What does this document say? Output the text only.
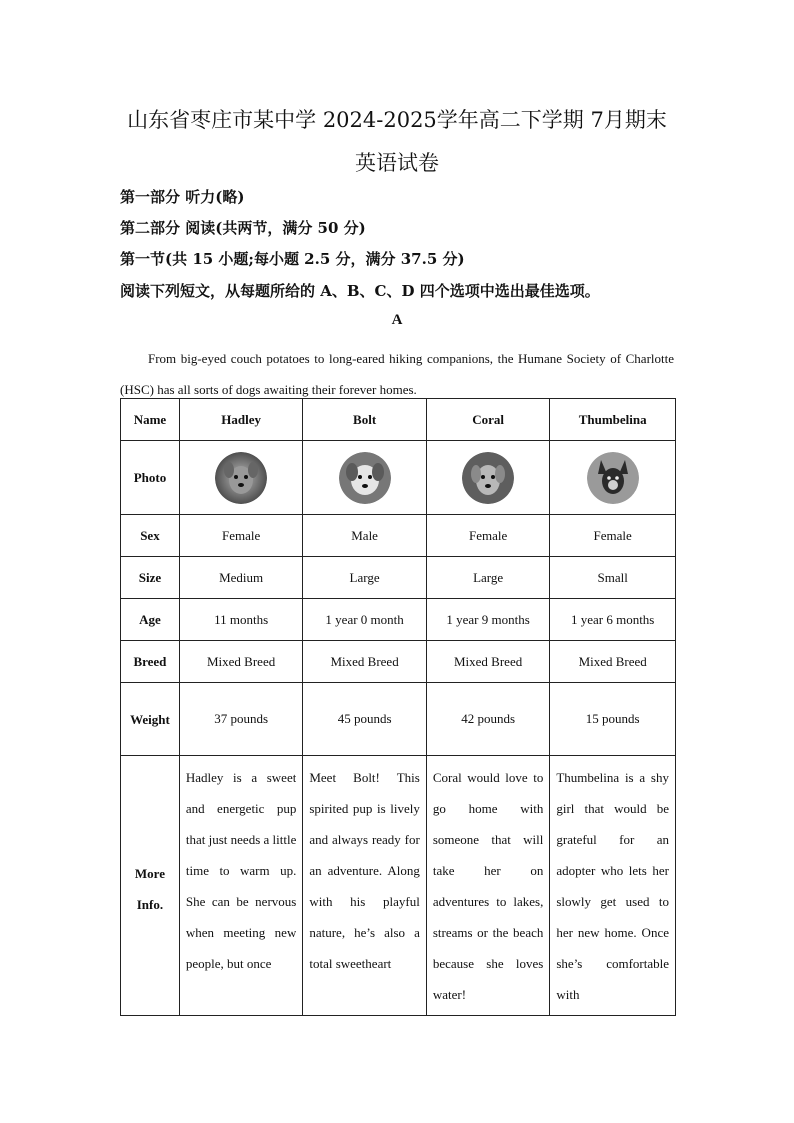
山东省枣庄市某中学 2024-2025学年高二下学期 7月期末
英语试卷
第一部分 听力(略)
第二部分 阅读(共两节，满分 50 分)
第一节(共 15 小题;每小题 2.5 分，满分 37.5 分)
阅读下列短文，从每题所给的 A、B、C、D 四个选项中选出最佳选项。
A
From big-eyed couch potatoes to long-eared hiking companions, the Humane Society of Charlotte (HSC) has all sorts of dogs awaiting their forever homes.
Name	Hadley	Bolt	Coral	Thumbelina
Photo	

Sex	Female	Male	Female	Female
Size	Medium	Large	Large	Small
Age	11 months	1 year 0 month	1 year 9 months	1 year 6 months
Breed	Mixed Breed	Mixed Breed	Mixed Breed	Mixed Breed
Weight	37 pounds	45 pounds	42 pounds	15 pounds
More Info.	Hadley is a sweet and energetic pup that just needs a little time to warm up. She can be nervous when meeting new people, but once	Meet Bolt! This spirited pup is lively and always ready for an adventure. Along with his playful nature, he’s also a total sweetheart	Coral would love to go home with someone that will take her on adventures to lakes, streams or the beach because she loves water!	Thumbelina is a shy girl that would be grateful for an adopter who lets her slowly get used to her new home. Once she’s comfortable with
